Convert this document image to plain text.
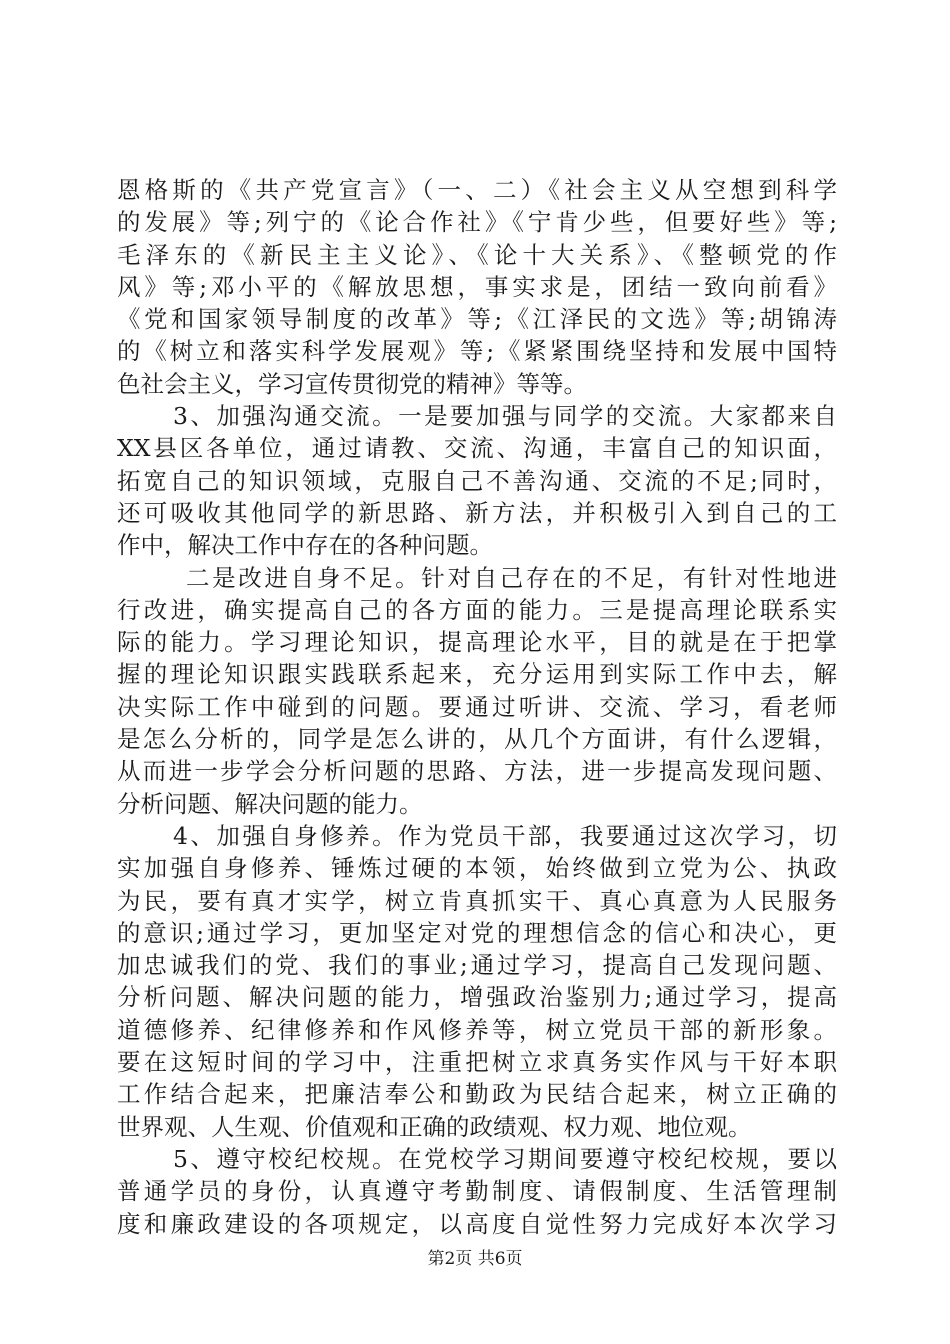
恩格斯的《共产党宣言》（一、二）《社会主义从空想到科学
的发展》等;列宁的《论合作社》《宁肯少些，但要好些》等;
毛泽东的《新民主主义论》、《论十大关系》、《整顿党的作
风》等;邓小平的《解放思想，事实求是，团结一致向前看》
《党和国家领导制度的改革》等;《江泽民的文选》等;胡锦涛
的《树立和落实科学发展观》等;《紧紧围绕坚持和发展中国特
色社会主义，学习宣传贯彻党的精神》等等。
3、加强沟通交流。一是要加强与同学的交流。大家都来自
XX县区各单位，通过请教、交流、沟通，丰富自己的知识面，
拓宽自己的知识领域，克服自己不善沟通、交流的不足;同时，
还可吸收其他同学的新思路、新方法，并积极引入到自己的工
作中，解决工作中存在的各种问题。
二是改进自身不足。针对自己存在的不足，有针对性地进
行改进，确实提高自己的各方面的能力。三是提高理论联系实
际的能力。学习理论知识，提高理论水平，目的就是在于把掌
握的理论知识跟实践联系起来，充分运用到实际工作中去，解
决实际工作中碰到的问题。要通过听讲、交流、学习，看老师
是怎么分析的，同学是怎么讲的，从几个方面讲，有什么逻辑，
从而进一步学会分析问题的思路、方法，进一步提高发现问题、
分析问题、解决问题的能力。
4、加强自身修养。作为党员干部，我要通过这次学习，切
实加强自身修养、锤炼过硬的本领，始终做到立党为公、执政
为民，要有真才实学，树立肯真抓实干、真心真意为人民服务
的意识;通过学习，更加坚定对党的理想信念的信心和决心，更
加忠诚我们的党、我们的事业;通过学习，提高自己发现问题、
分析问题、解决问题的能力，增强政治鉴别力;通过学习，提高
道德修养、纪律修养和作风修养等，树立党员干部的新形象。
要在这短时间的学习中，注重把树立求真务实作风与干好本职
工作结合起来，把廉洁奉公和勤政为民结合起来，树立正确的
世界观、人生观、价值观和正确的政绩观、权力观、地位观。
5、遵守校纪校规。在党校学习期间要遵守校纪校规，要以
普通学员的身份，认真遵守考勤制度、请假制度、生活管理制
度和廉政建设的各项规定，以高度自觉性努力完成好本次学习
第2页 共6页
